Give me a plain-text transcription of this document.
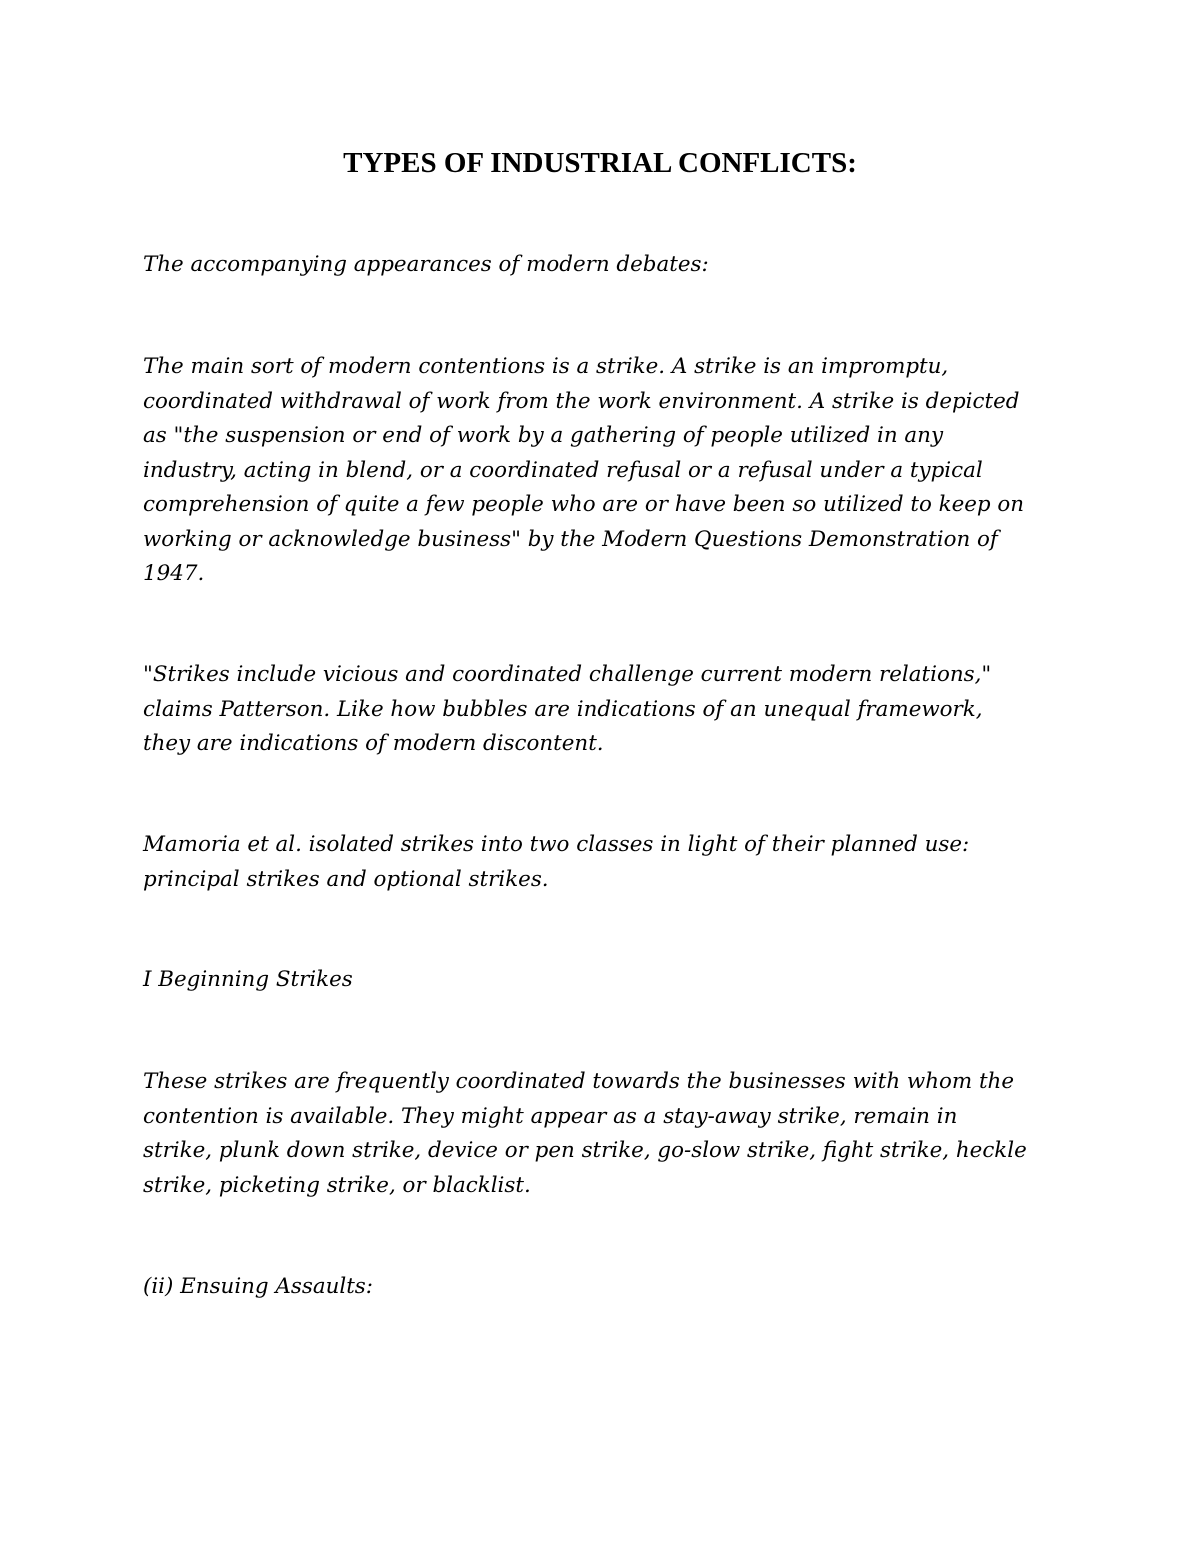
TYPES OF INDUSTRIAL CONFLICTS:

The accompanying appearances of modern debates:

The main sort of modern contentions is a strike. A strike is an impromptu,
coordinated withdrawal of work from the work environment. A strike is depicted
as "the suspension or end of work by a gathering of people utilized in any
industry, acting in blend, or a coordinated refusal or a refusal under a typical
comprehension of quite a few people who are or have been so utilized to keep on
working or acknowledge business" by the Modern Questions Demonstration of
1947.

"Strikes include vicious and coordinated challenge current modern relations,"
claims Patterson. Like how bubbles are indications of an unequal framework,
they are indications of modern discontent.

Mamoria et al. isolated strikes into two classes in light of their planned use:
principal strikes and optional strikes.

I Beginning Strikes

These strikes are frequently coordinated towards the businesses with whom the
contention is available. They might appear as a stay-away strike, remain in
strike, plunk down strike, device or pen strike, go-slow strike, fight strike, heckle
strike, picketing strike, or blacklist.

(ii) Ensuing Assaults:
